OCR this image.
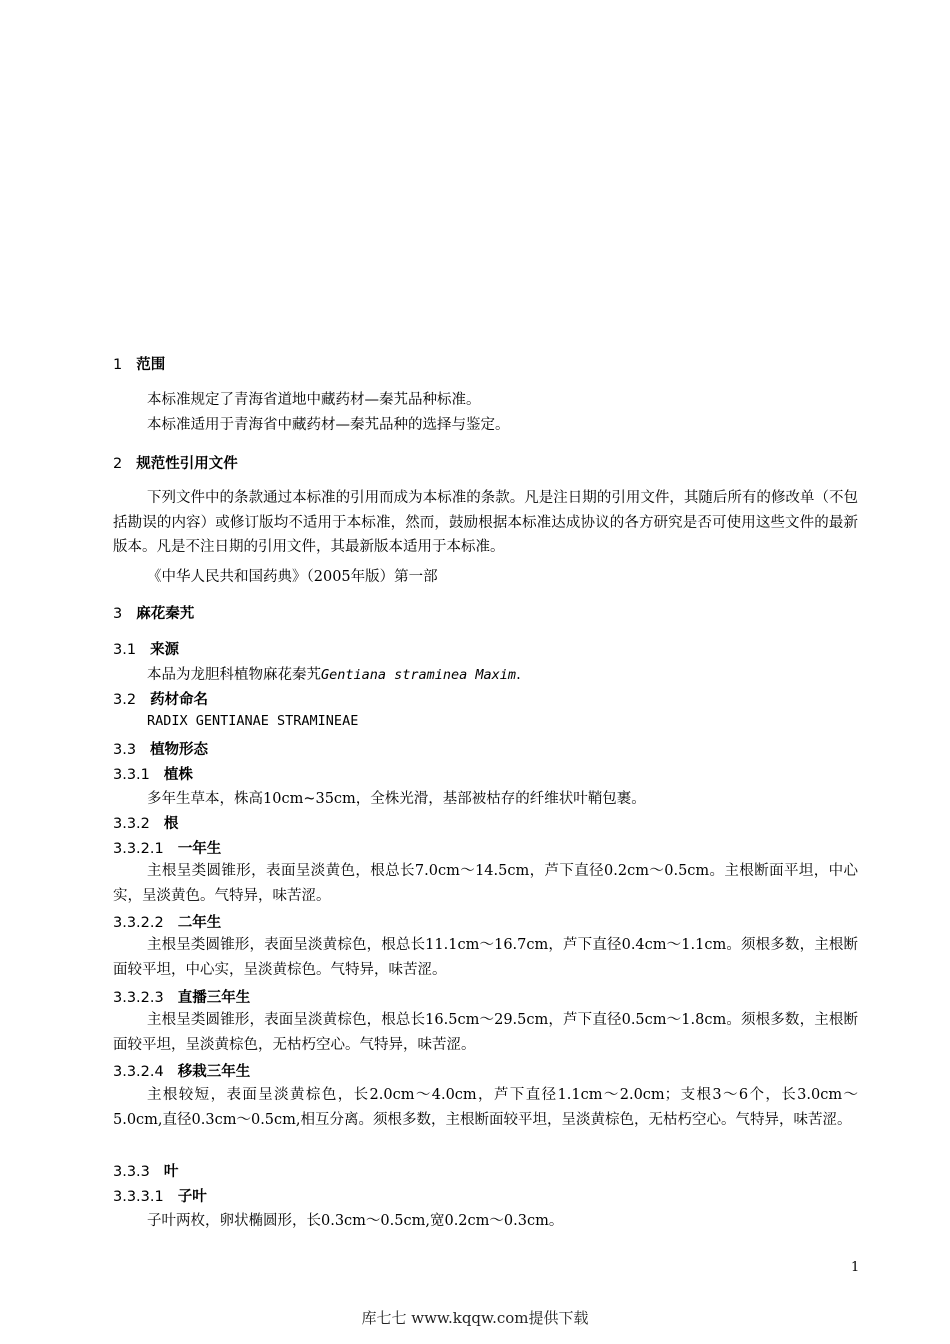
1 范围
本标准规定了青海省道地中藏药材—秦艽品种标准。
本标准适用于青海省中藏药材—秦艽品种的选择与鉴定。
2 规范性引用文件
下列文件中的条款通过本标准的引用而成为本标准的条款。凡是注日期的引用文件，其随后所有的修改单（不包括勘误的内容）或修订版均不适用于本标准，然而，鼓励根据本标准达成协议的各方研究是否可使用这些文件的最新版本。凡是不注日期的引用文件，其最新版本适用于本标准。
《中华人民共和国药典》（2005年版）第一部
3 麻花秦艽
3.1 来源
本品为龙胆科植物麻花秦艽Gentiana straminea Maxim.
3.2 药材命名
RADIX GENTIANAE STRAMINEAE
3.3 植物形态
3.3.1 植株
多年生草本，株高10cm~35cm，全株光滑，基部被枯存的纤维状叶鞘包裹。
3.3.2 根
3.3.2.1 一年生
主根呈类圆锥形，表面呈淡黄色，根总长7.0cm～14.5cm，芦下直径0.2cm～0.5cm。主根断面平坦，中心实，呈淡黄色。气特异，味苦涩。
3.3.2.2 二年生
主根呈类圆锥形，表面呈淡黄棕色，根总长11.1cm～16.7cm，芦下直径0.4cm～1.1cm。须根多数，主根断面较平坦，中心实，呈淡黄棕色。气特异，味苦涩。
3.3.2.3 直播三年生
主根呈类圆锥形，表面呈淡黄棕色，根总长16.5cm～29.5cm，芦下直径0.5cm～1.8cm。须根多数，主根断面较平坦，呈淡黄棕色，无枯朽空心。气特异，味苦涩。
3.3.2.4 移栽三年生
主根较短，表面呈淡黄棕色，长2.0cm～4.0cm，芦下直径1.1cm～2.0cm；支根3～6个，长3.0cm～5.0cm,直径0.3cm～0.5cm,相互分离。须根多数，主根断面较平坦，呈淡黄棕色，无枯朽空心。气特异，味苦涩。
3.3.3 叶
3.3.3.1 子叶
子叶两枚，卵状椭圆形，长0.3cm～0.5cm,宽0.2cm～0.3cm。
1
库七七 www.kqqw.com提供下载
